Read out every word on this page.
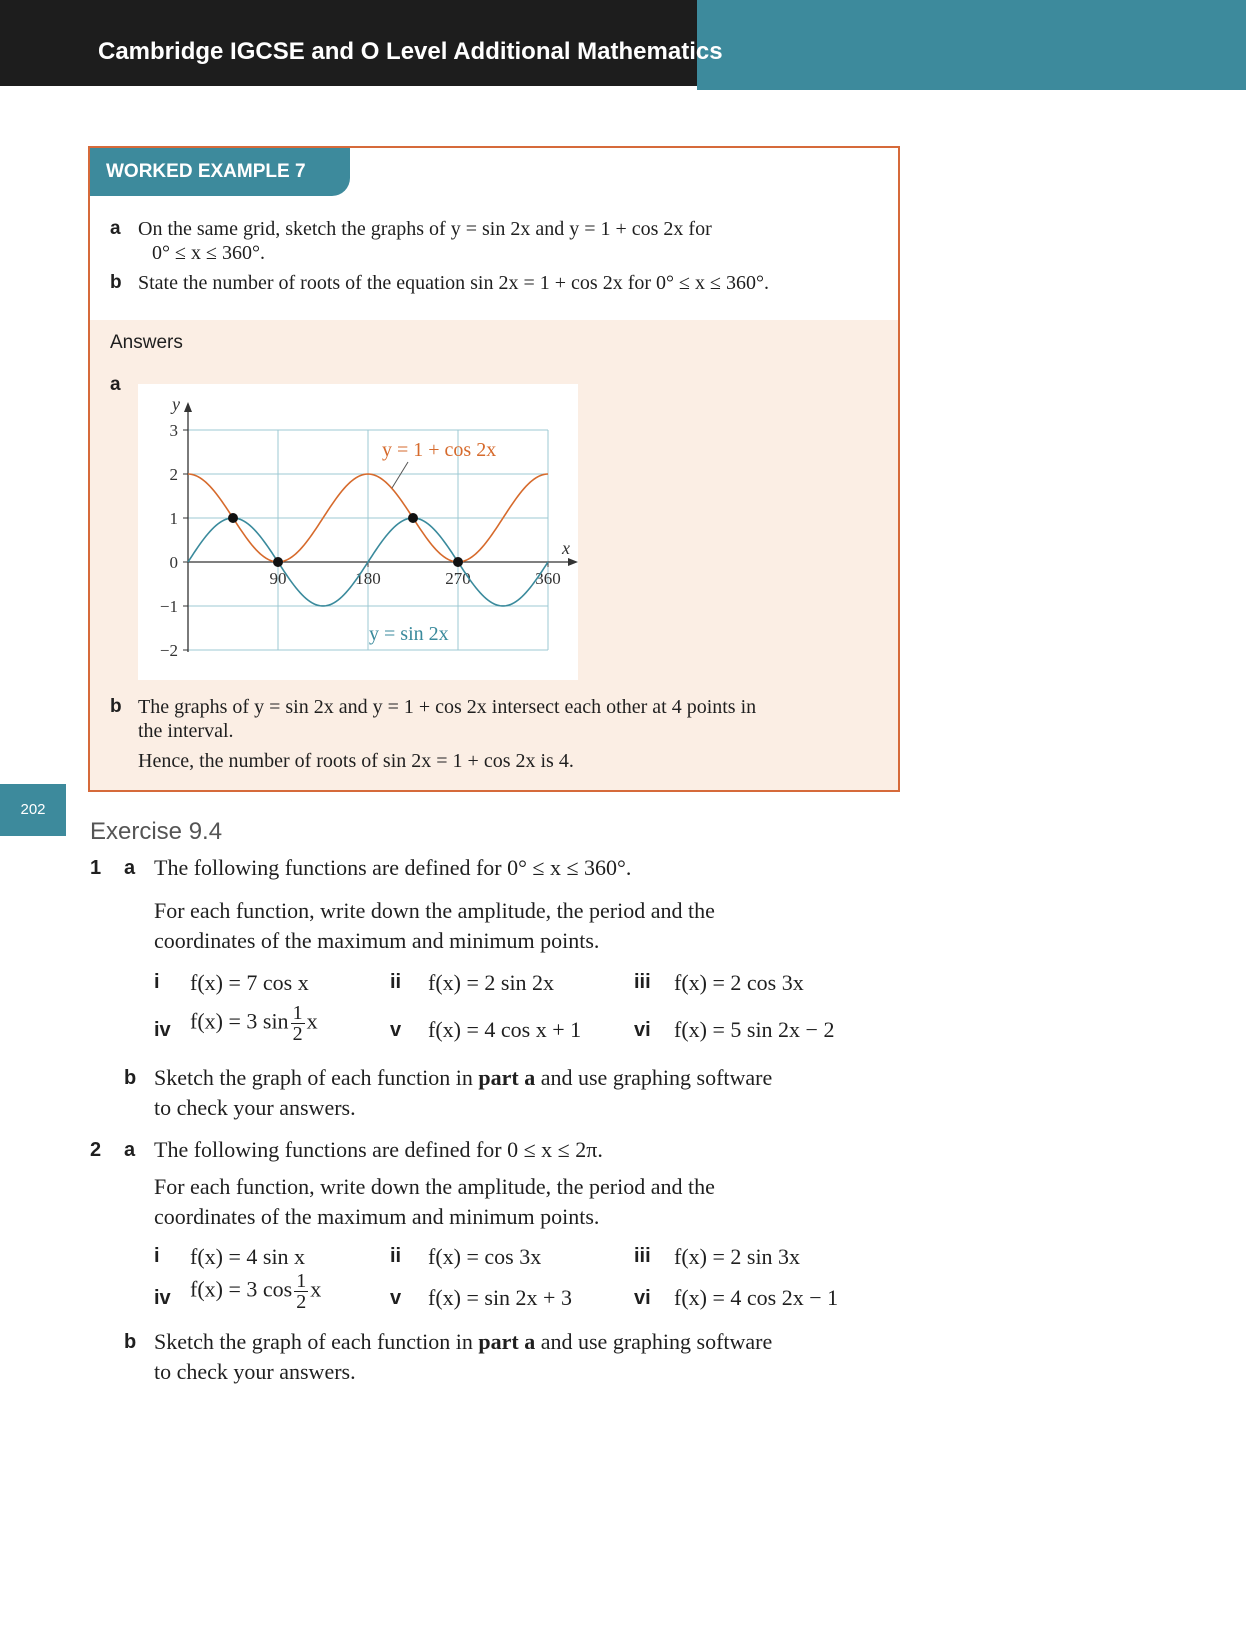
Cambridge IGCSE and O Level Additional Mathematics
WORKED EXAMPLE 7
a On the same grid, sketch the graphs of y = sin 2x and y = 1 + cos 2x for
0° ≤ x ≤ 360°.
b State the number of roots of the equation sin 2x = 1 + cos 2x for 0° ≤ x ≤ 360°.
Answers
a
3
2
1
0
−1
−2
90	180	270	360
y
x
y = 1 + cos 2x
y = sin 2x
b The graphs of y = sin 2x and y = 1 + cos 2x intersect each other at 4 points in
the interval.
Hence, the number of roots of sin 2x = 1 + cos 2x is 4.
202
Exercise 9.4
1 a The following functions are defined for 0° ≤ x ≤ 360°.
For each function, write down the amplitude, the period and the
coordinates of the maximum and minimum points.
i f(x) = 7 cos x	ii f(x) = 2 sin 2x	iii f(x) = 2 cos 3x
iv f(x) = 3 $\sin \frac{1}{2}$ x	v f(x) = 4 cos x + 1	vi f(x) = 5 sin 2x − 2
b Sketch the graph of each function in part a and use graphing software
to check your answers.
2 a The following functions are defined for 0 ≤ x ≤ 2π.
For each function, write down the amplitude, the period and the
coordinates of the maximum and minimum points.
i f(x) = 4 sin x	ii f(x) = cos 3x	iii f(x) = 2 sin 3x
iv f(x) = 3 $\cos \frac{1}{2}$ x	v f(x) = sin 2x + 3	vi f(x) = 4 cos 2x − 1
b Sketch the graph of each function in part a and use graphing software
to check your answers.
